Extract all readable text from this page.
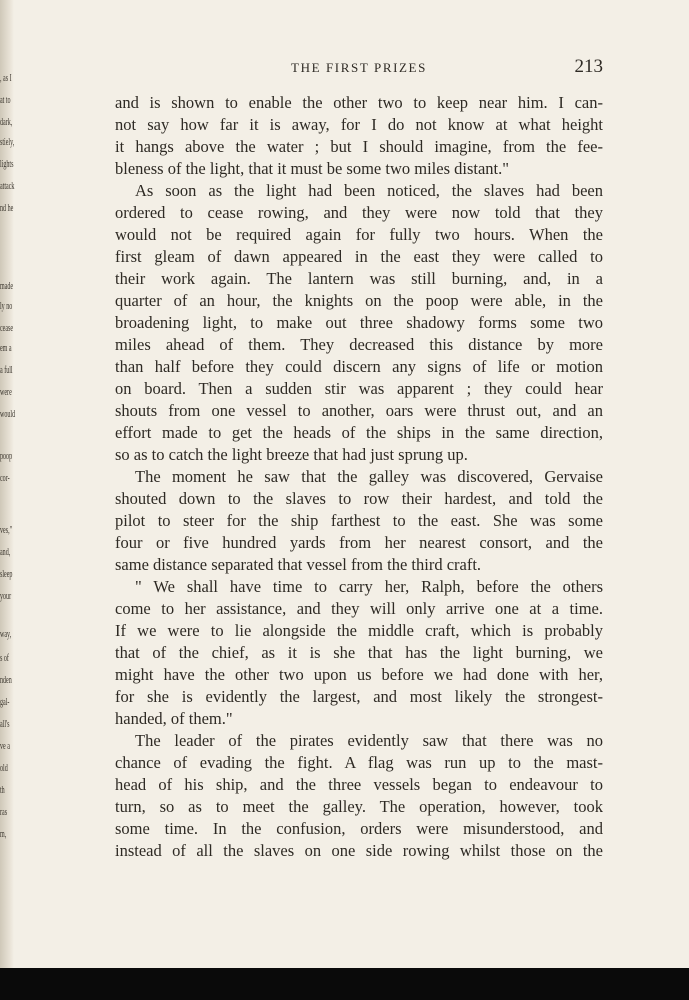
, as I
at to
dark,
stiely,
lights
attack
nd he
made
ly no
cease
em a
a full
were
would
poop
cor-
ves,"
and,
sleep
your
way,
s of
nden
gal-
all's
ve a
old
th
ras
m,
THE FIRST PRIZES	213
and is shown to enable the other two to keep near him. I can-
not say how far it is away, for I do not know at what height
it hangs above the water ; but I should imagine, from the fee-
bleness of the light, that it must be some two miles distant."
As soon as the light had been noticed, the slaves had been
ordered to cease rowing, and they were now told that they
would not be required again for fully two hours. When the
first gleam of dawn appeared in the east they were called to
their work again. The lantern was still burning, and, in a
quarter of an hour, the knights on the poop were able, in the
broadening light, to make out three shadowy forms some two
miles ahead of them. They decreased this distance by more
than half before they could discern any signs of life or motion
on board. Then a sudden stir was apparent ; they could hear
shouts from one vessel to another, oars were thrust out, and an
effort made to get the heads of the ships in the same direction,
so as to catch the light breeze that had just sprung up.
The moment he saw that the galley was discovered, Gervaise
shouted down to the slaves to row their hardest, and told the
pilot to steer for the ship farthest to the east. She was some
four or five hundred yards from her nearest consort, and the
same distance separated that vessel from the third craft.
" We shall have time to carry her, Ralph, before the others
come to her assistance, and they will only arrive one at a time.
If we were to lie alongside the middle craft, which is probably
that of the chief, as it is she that has the light burning, we
might have the other two upon us before we had done with her,
for she is evidently the largest, and most likely the strongest-
handed, of them."
The leader of the pirates evidently saw that there was no
chance of evading the fight. A flag was run up to the mast-
head of his ship, and the three vessels began to endeavour to
turn, so as to meet the galley. The operation, however, took
some time. In the confusion, orders were misunderstood, and
instead of all the slaves on one side rowing whilst those on the
